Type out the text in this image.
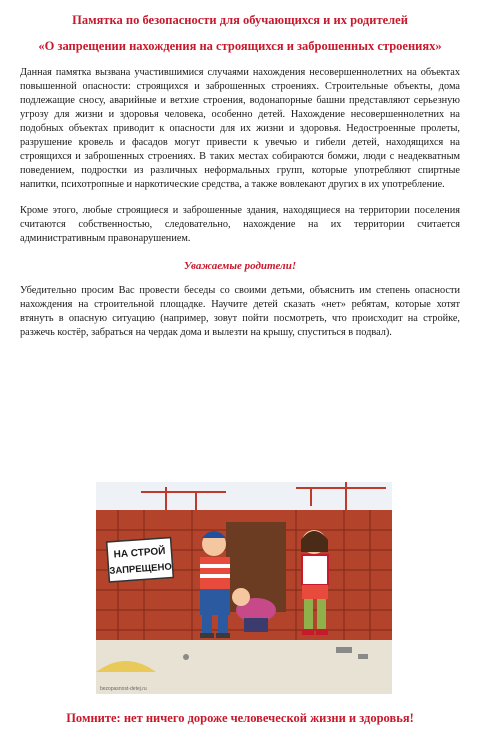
Памятка по безопасности для обучающихся и их родителей
«О запрещении нахождения на строящихся и заброшенных строениях»

Данная памятка вызвана участившимися случаями нахождения несовершеннолетних на объектах повышенной опасности: строящихся и заброшенных строениях. Строительные объекты, дома подлежащие сносу, аварийные и ветхие строения, водонапорные башни представляют серьезную угрозу для жизни и здоровья человека, особенно детей. Нахождение несовершеннолетних на подобных объектах приводит к опасности для их жизни и здоровья. Недостроенные пролеты, разрушение кровель и фасадов могут привести к увечью и гибели детей, находящихся на строящихся и заброшенных строениях. В таких местах собираются бомжи, люди с неадекватным поведением, подростки из различных неформальных групп, которые употребляют спиртные напитки, психотропные и наркотические средства, а также вовлекают других в их употребление.

Кроме этого, любые строящиеся и заброшенные здания, находящиеся на территории поселения считаются собственностью, следовательно, нахождение на их территории считается административным правонарушением.

Уважаемые родители!

Убедительно просим Вас провести беседы со своими детьми, объяснить им степень опасности нахождения на строительной площадке. Научите детей сказать «нет» ребятам, которые хотят втянуть в опасную ситуацию (например, зовут пойти посмотреть, что происходит на стройке, разжечь костёр, забраться на чердак дома и вылезти на крышу, спуститься в подвал).

НА СТРОЙ
ЗАПРЕЩЕНО
bezopasnost-detej.ru
Помните: нет ничего дороже человеческой жизни и здоровья!
